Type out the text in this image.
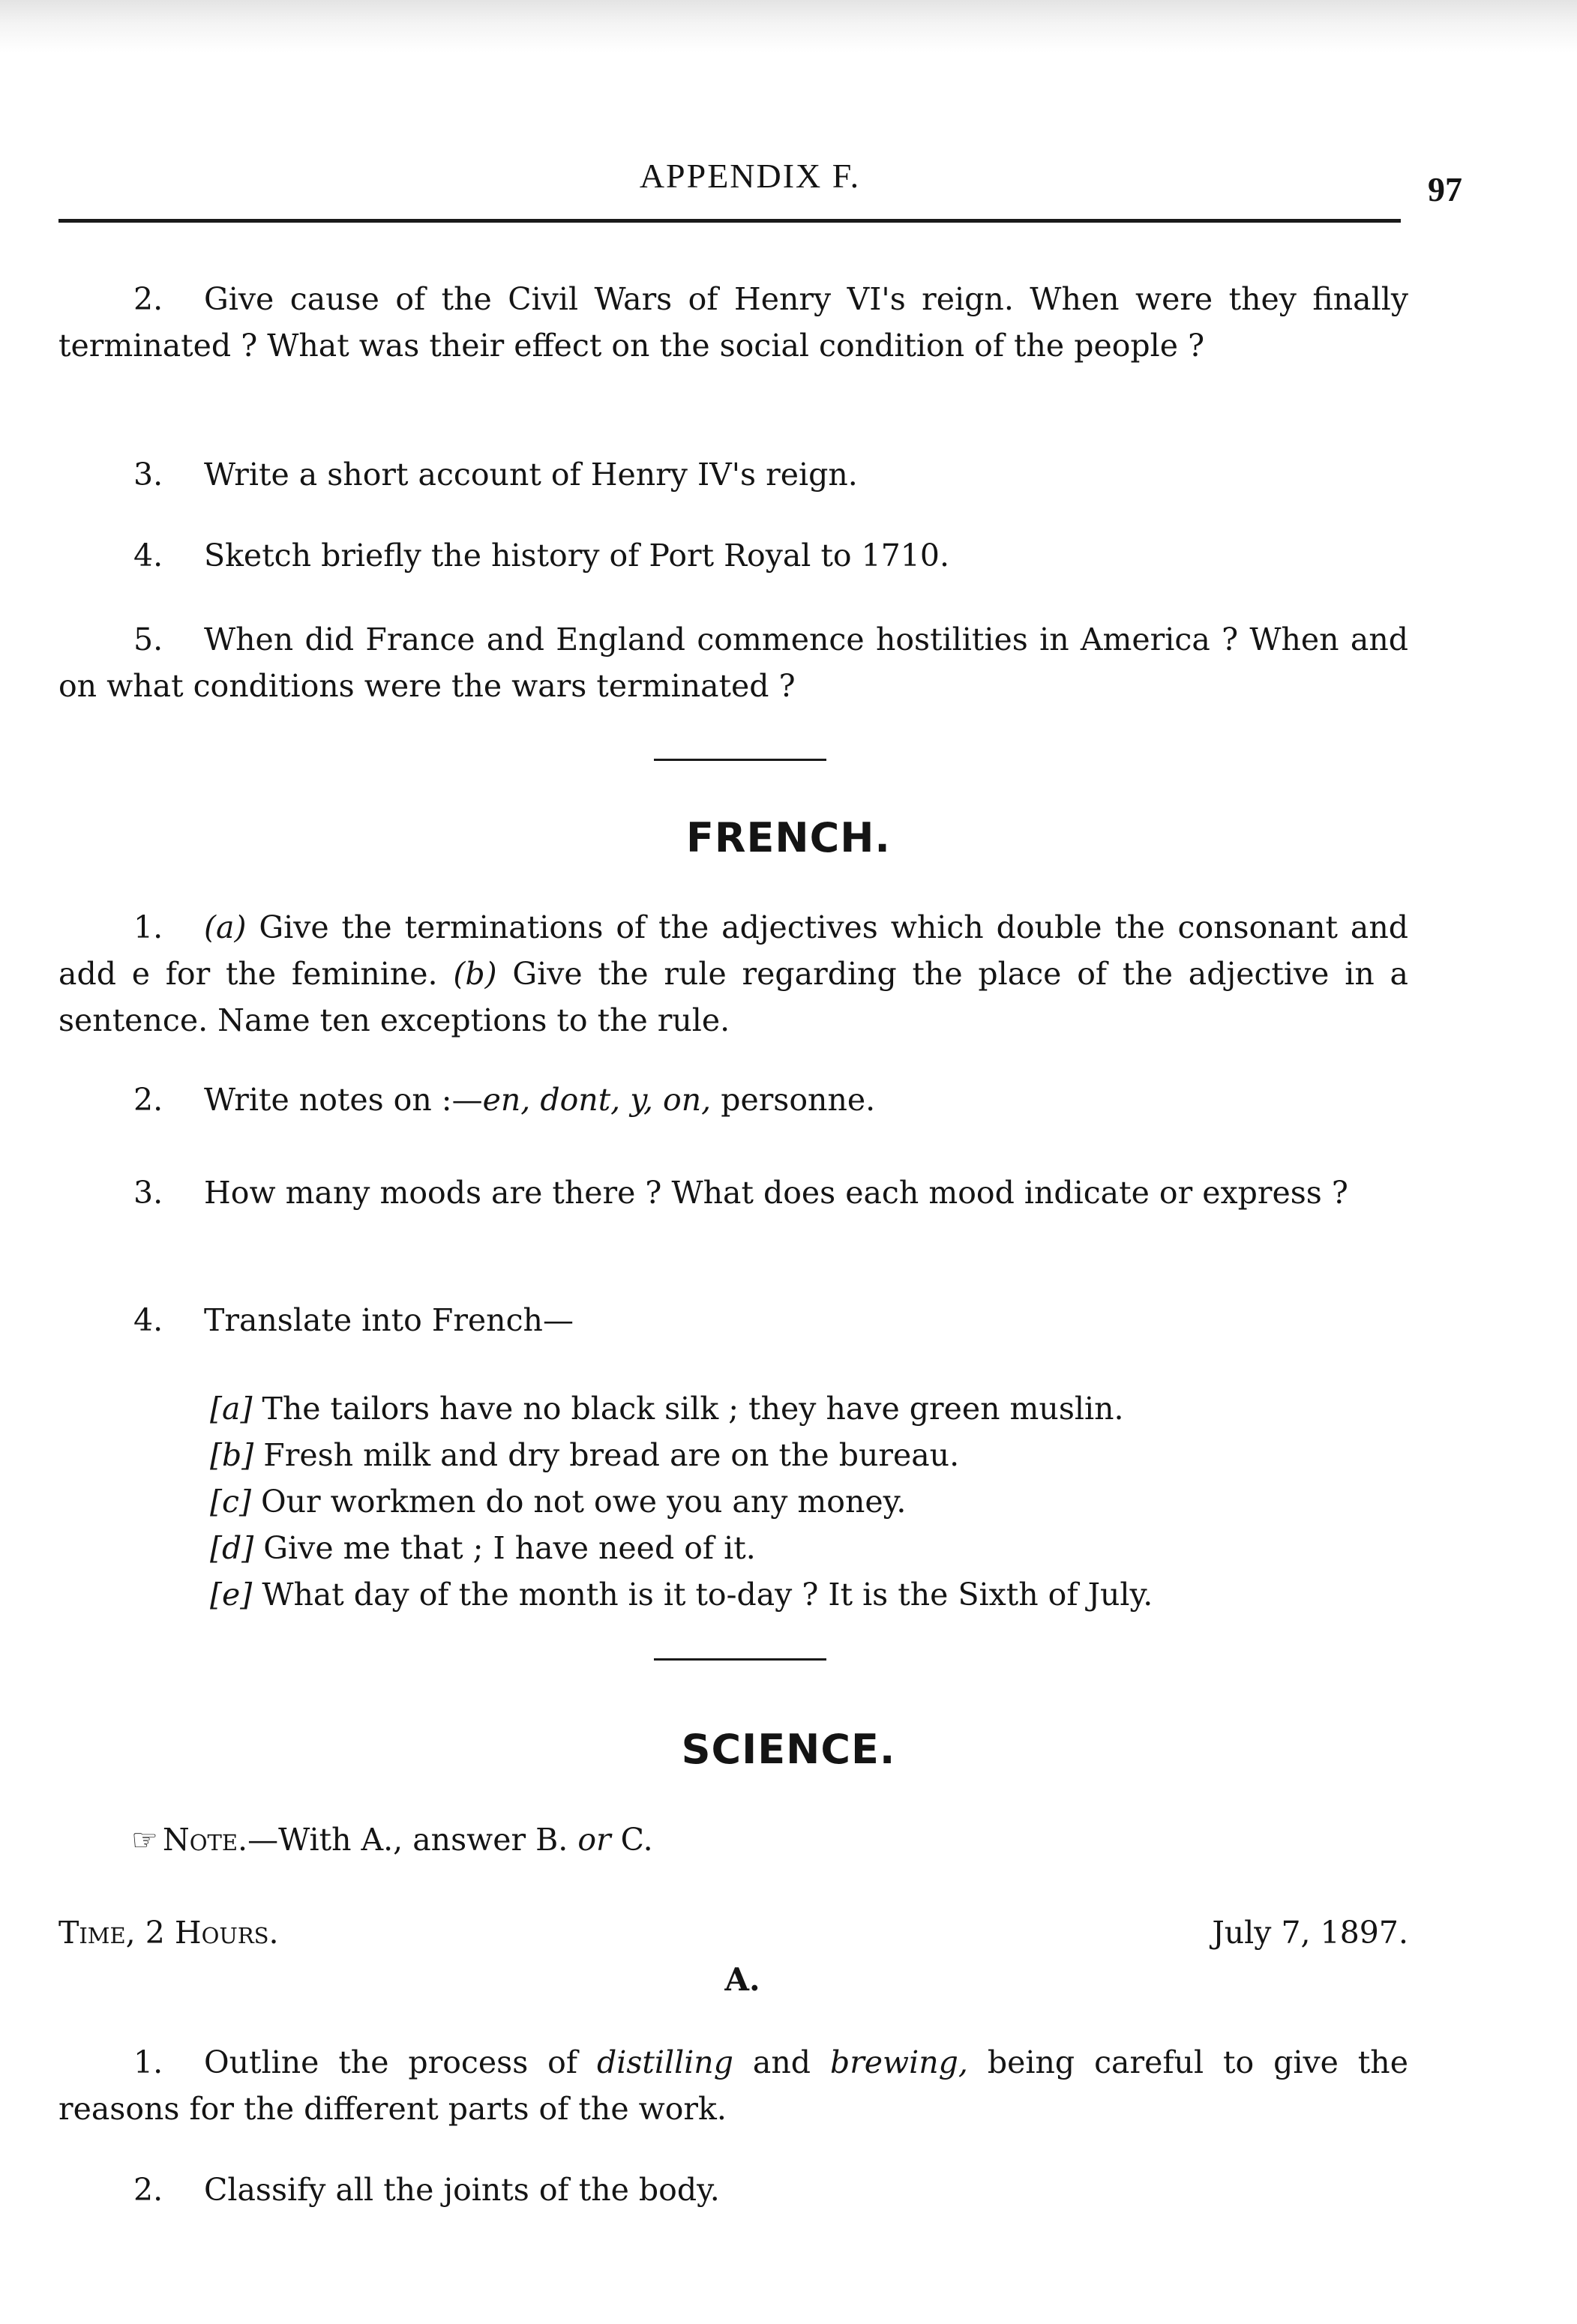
APPENDIX F.	97
2. Give cause of the Civil Wars of Henry VI's reign. When were they finally terminated ? What was their effect on the social condition of the people ?
3. Write a short account of Henry IV's reign.
4. Sketch briefly the history of Port Royal to 1710.
5. When did France and England commence hostilities in America ? When and on what conditions were the wars terminated ?
FRENCH.
1. (a) Give the terminations of the adjectives which double the consonant and add e for the feminine. (b) Give the rule regarding the place of the adjective in a sentence. Name ten exceptions to the rule.
2. Write notes on :—en, dont, y, on, personne.
3. How many moods are there ? What does each mood indicate or express ?
4. Translate into French—
[a] The tailors have no black silk ; they have green muslin.
[b] Fresh milk and dry bread are on the bureau.
[c] Our workmen do not owe you any money.
[d] Give me that ; I have need of it.
[e] What day of the month is it to-day ? It is the Sixth of July.
SCIENCE.
☞ Note.—With A., answer B. or C.
Time, 2 Hours.	July 7, 1897.
A.
1. Outline the process of distilling and brewing, being careful to give the reasons for the different parts of the work.
2. Classify all the joints of the body.
